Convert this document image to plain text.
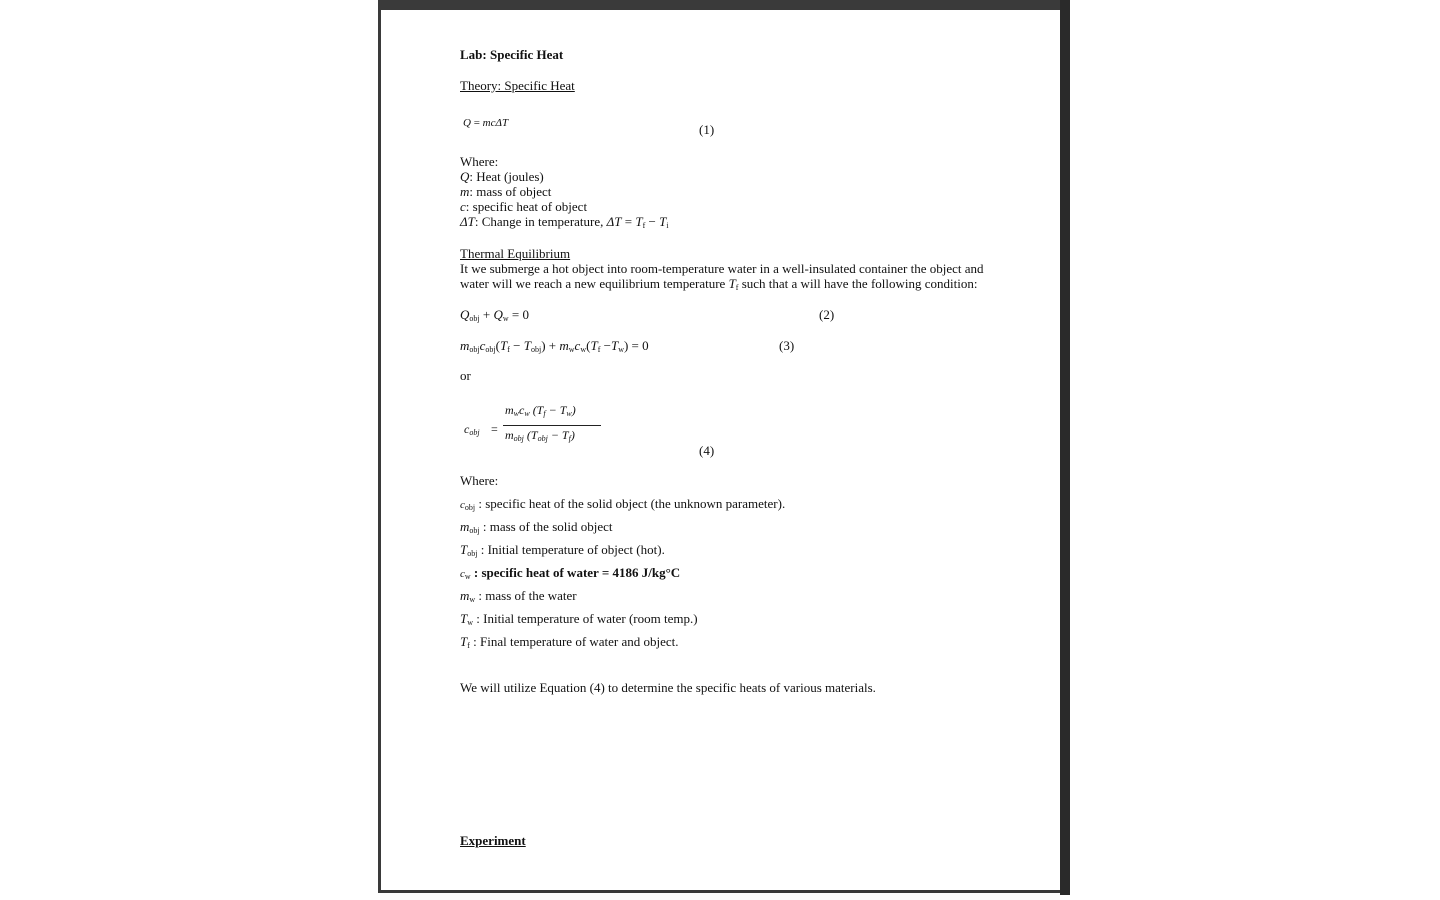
Lab: Specific Heat
Theory: Specific Heat
Q = mcΔT	(1)
Where:
Q: Heat (joules)
m: mass of object
c: specific heat of object
ΔT: Change in temperature, $\Delta T = T_f - T_i$
Thermal Equilibrium
It we submerge a hot object into room-temperature water in a well-insulated container the object and
water will we reach a new equilibrium temperature $T_f$ such that a will have the following condition:
$Q_{obj} + Q_w = 0$	(2)
$m_{obj}c_{obj}(T_f - T_{obj}) + m_wc_w(T_f -T_w) = 0$	(3)
or
$c_{obj}$ =
$m_wc_w$ $(T_f - T_w)$
$m_{obj}$ $(T_{obj} - T_f)$
(4)
Where:
$c_{obj}$ : specific heat of the solid object (the unknown parameter).
$m_{obj}$ : mass of the solid object
$T_{obj}$ : Initial temperature of object (hot).
$c_w$ : specific heat of water = 4186 J/kg°C
$m_w$ : mass of the water
$T_w$ : Initial temperature of water (room temp.)
$T_f$ : Final temperature of water and object.
We will utilize Equation (4) to determine the specific heats of various materials.
Experiment
